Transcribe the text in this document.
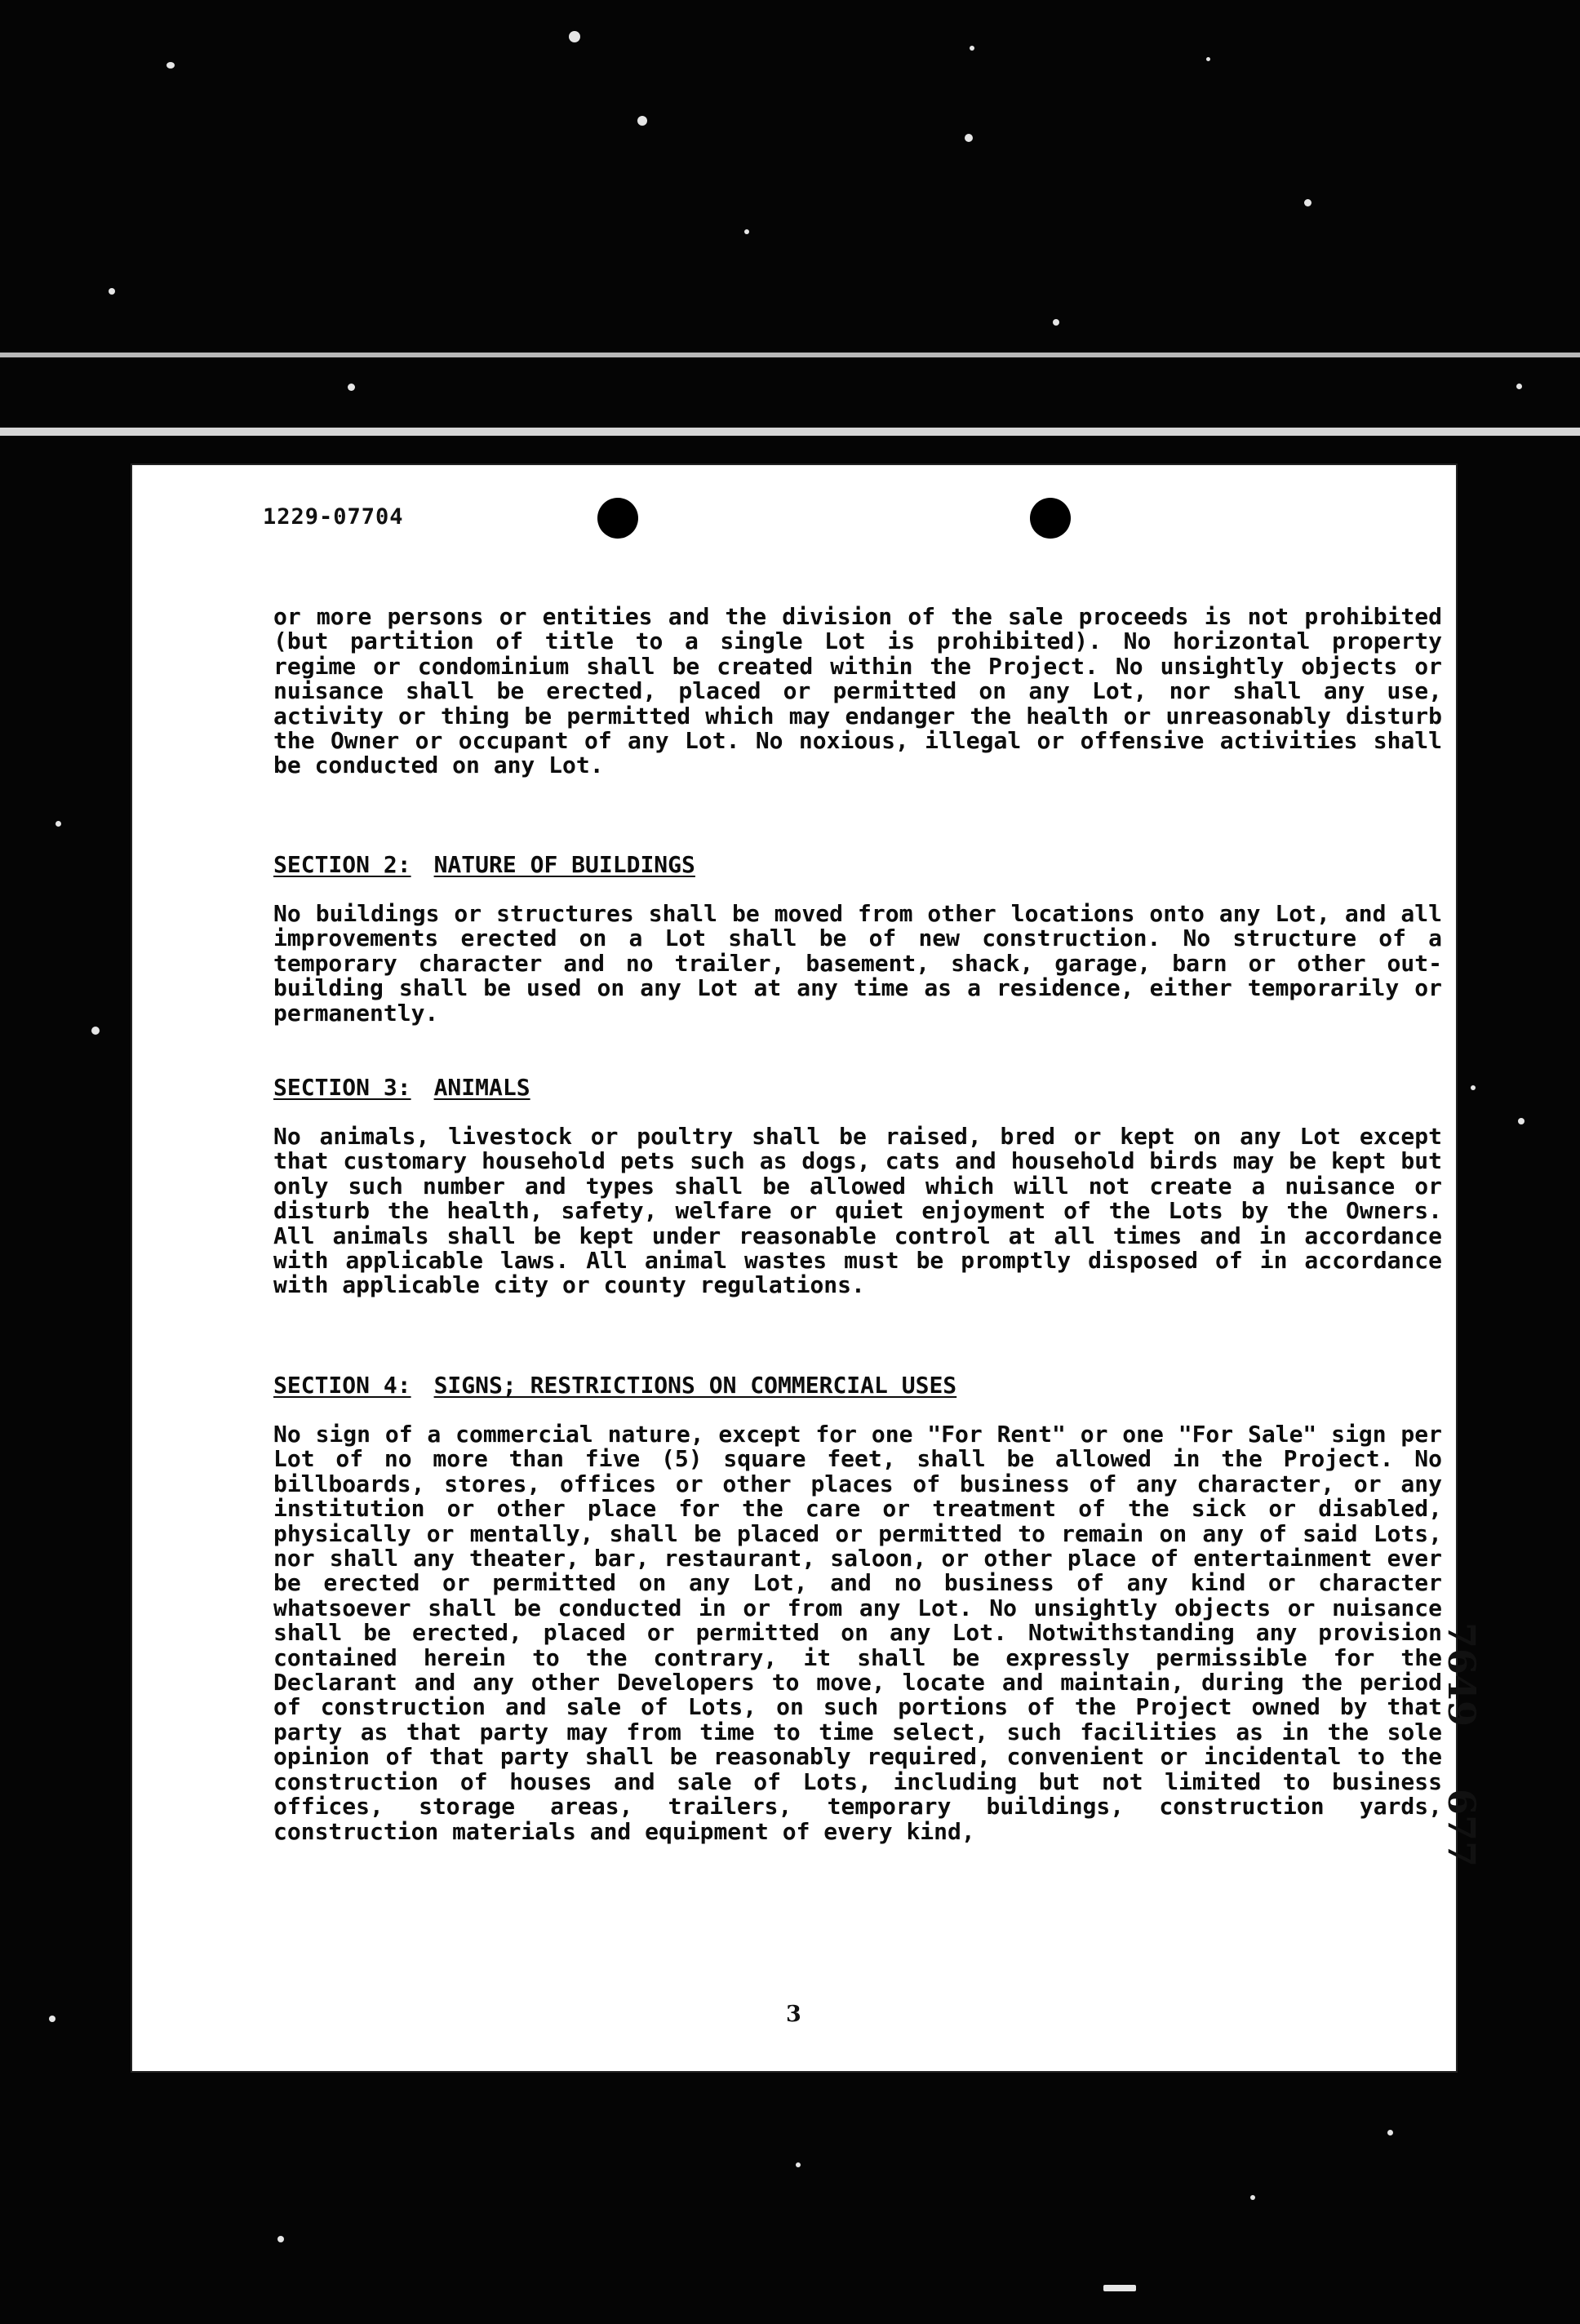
1229-07704

or more persons or entities and the division of the sale proceeds is not prohibited (but partition of title to a single Lot is prohibited). No horizontal property regime or condominium shall be created within the Project. No unsightly objects or nuisance shall be erected, placed or permitted on any Lot, nor shall any use, activity or thing be permitted which may endanger the health or unreasonably disturb the Owner or occupant of any Lot. No noxious, illegal or offensive activities shall be conducted on any Lot.

SECTION 2: NATURE OF BUILDINGS

No buildings or structures shall be moved from other locations onto any Lot, and all improvements erected on a Lot shall be of new construction. No structure of a temporary character and no trailer, basement, shack, garage, barn or other out-building shall be used on any Lot at any time as a residence, either temporarily or permanently.

SECTION 3: ANIMALS

No animals, livestock or poultry shall be raised, bred or kept on any Lot except that customary household pets such as dogs, cats and household birds may be kept but only such number and types shall be allowed which will not create a nuisance or disturb the health, safety, welfare or quiet enjoyment of the Lots by the Owners. All animals shall be kept under reasonable control at all times and in accordance with applicable laws. All animal wastes must be promptly disposed of in accordance with applicable city or county regulations.

SECTION 4: SIGNS; RESTRICTIONS ON COMMERCIAL USES

No sign of a commercial nature, except for one "For Rent" or one "For Sale" sign per Lot of no more than five (5) square feet, shall be allowed in the Project. No billboards, stores, offices or other places of business of any character, or any institution or other place for the care or treatment of the sick or disabled, physically or mentally, shall be placed or permitted to remain on any of said Lots, nor shall any theater, bar, restaurant, saloon, or other place of entertainment ever be erected or permitted on any Lot, and no business of any kind or character whatsoever shall be conducted in or from any Lot. No unsightly objects or nuisance shall be erected, placed or permitted on any Lot. Notwithstanding any provision contained herein to the contrary, it shall be expressly permissible for the Declarant and any other Developers to move, locate and maintain, during the period of construction and sale of Lots, on such portions of the Project owned by that party as that party may from time to time select, such facilities as in the sole opinion of that party shall be reasonably required, convenient or incidental to the construction of houses and sale of Lots, including but not limited to business offices, storage areas, trailers, temporary buildings, construction yards, construction materials and equipment of every kind,

7649
677
3
